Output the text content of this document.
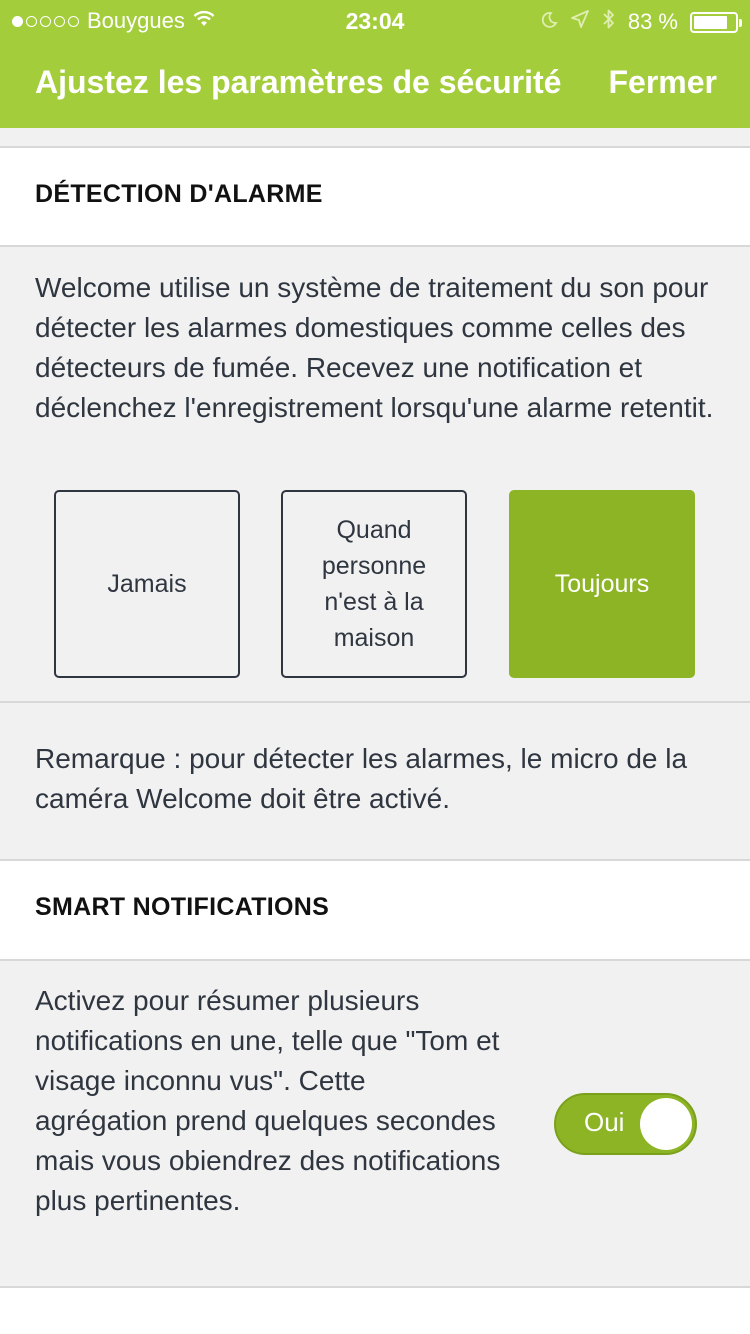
Bouygues	23:04	83 %
Ajustez les paramètres de sécurité Fermer
DÉTECTION D'ALARME
Welcome utilise un système de traitement du son pour détecter les alarmes domestiques comme celles des détecteurs de fumée. Recevez une notification et déclenchez l'enregistrement lorsqu'une alarme retentit.
Jamais
Quand personne n'est à la maison
Toujours
Remarque : pour détecter les alarmes, le micro de la caméra Welcome doit être activé.
SMART NOTIFICATIONS
Activez pour résumer plusieurs notifications en une, telle que "Tom et visage inconnu vus". Cette agrégation prend quelques secondes mais vous obiendrez des notifications plus pertinentes.
Oui
